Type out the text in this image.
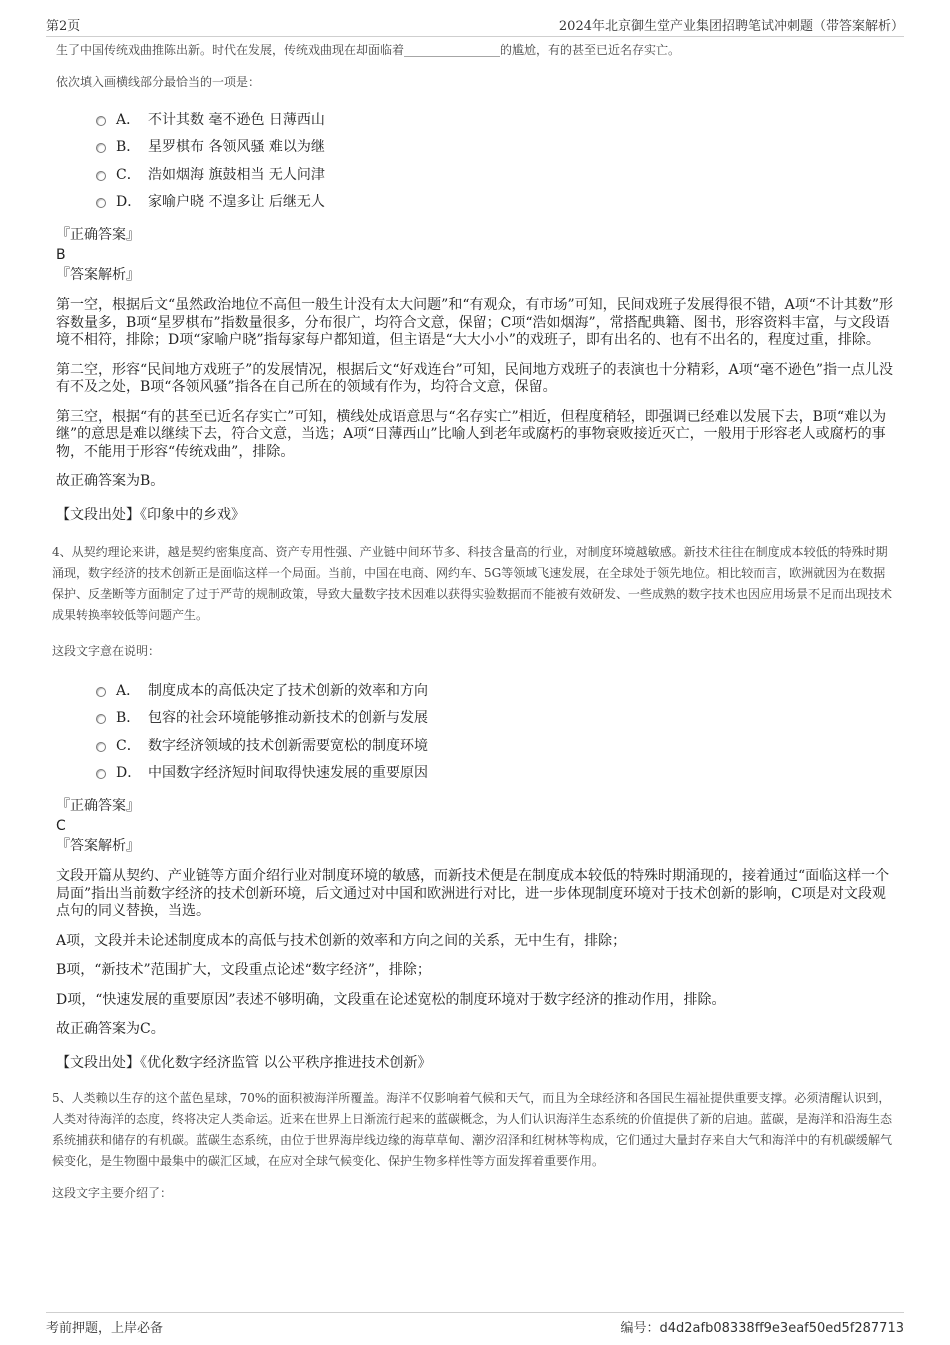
第2页	2024年北京御生堂产业集团招聘笔试冲刺题（带答案解析）

生了中国传统戏曲推陈出新。时代在发展，传统戏曲现在却面临着________________的尴尬，有的甚至已近名存实亡。

依次填入画横线部分最恰当的一项是：

A． 不计其数 毫不逊色 日薄西山
B． 星罗棋布 各领风骚 难以为继
C． 浩如烟海 旗鼓相当 无人问津
D． 家喻户晓 不遑多让 后继无人

『正确答案』

B

『答案解析』

第一空，根据后文“虽然政治地位不高但一般生计没有太大问题”和“有观众，有市场”可知，民间戏班子发展得很不错，A项“不计其数”形容数量多，B项“星罗棋布”指数量很多，分布很广，均符合文意，保留；C项“浩如烟海”，常搭配典籍、图书，形容资料丰富，与文段语境不相符，排除；D项“家喻户晓”指每家每户都知道，但主语是“大大小小”的戏班子，即有出名的、也有不出名的，程度过重，排除。

第二空，形容“民间地方戏班子”的发展情况，根据后文“好戏连台”可知，民间地方戏班子的表演也十分精彩，A项“毫不逊色”指一点儿没有不及之处，B项“各领风骚”指各在自己所在的领域有作为，均符合文意，保留。

第三空，根据“有的甚至已近名存实亡”可知，横线处成语意思与“名存实亡”相近，但程度稍轻，即强调已经难以发展下去，B项“难以为继”的意思是难以继续下去，符合文意，当选；A项“日薄西山”比喻人到老年或腐朽的事物衰败接近灭亡，一般用于形容老人或腐朽的事物，不能用于形容“传统戏曲”，排除。

故正确答案为B。

【文段出处】《印象中的乡戏》

4、从契约理论来讲，越是契约密集度高、资产专用性强、产业链中间环节多、科技含量高的行业，对制度环境越敏感。新技术往往在制度成本较低的特殊时期涌现，数字经济的技术创新正是面临这样一个局面。当前，中国在电商、网约车、5G等领域飞速发展，在全球处于领先地位。相比较而言，欧洲就因为在数据保护、反垄断等方面制定了过于严苛的规制政策，导致大量数字技术因难以获得实验数据而不能被有效研发、一些成熟的数字技术也因应用场景不足而出现技术成果转换率较低等问题产生。

这段文字意在说明：

A． 制度成本的高低决定了技术创新的效率和方向
B． 包容的社会环境能够推动新技术的创新与发展
C． 数字经济领域的技术创新需要宽松的制度环境
D． 中国数字经济短时间取得快速发展的重要原因

『正确答案』

C

『答案解析』

文段开篇从契约、产业链等方面介绍行业对制度环境的敏感，而新技术便是在制度成本较低的特殊时期涌现的，接着通过“面临这样一个局面”指出当前数字经济的技术创新环境，后文通过对中国和欧洲进行对比，进一步体现制度环境对于技术创新的影响，C项是对文段观点句的同义替换，当选。

A项，文段并未论述制度成本的高低与技术创新的效率和方向之间的关系，无中生有，排除；

B项，“新技术”范围扩大，文段重点论述“数字经济”，排除；

D项，“快速发展的重要原因”表述不够明确，文段重在论述宽松的制度环境对于数字经济的推动作用，排除。

故正确答案为C。

【文段出处】《优化数字经济监管 以公平秩序推进技术创新》

5、人类赖以生存的这个蓝色星球，70%的面积被海洋所覆盖。海洋不仅影响着气候和天气，而且为全球经济和各国民生福祉提供重要支撑。必须清醒认识到，人类对待海洋的态度，终将决定人类命运。近来在世界上日渐流行起来的蓝碳概念，为人们认识海洋生态系统的价值提供了新的启迪。蓝碳，是海洋和沿海生态系统捕获和储存的有机碳。蓝碳生态系统，由位于世界海岸线边缘的海草草甸、潮汐沼泽和红树林等构成，它们通过大量封存来自大气和海洋中的有机碳缓解气候变化，是生物圈中最集中的碳汇区域，在应对全球气候变化、保护生物多样性等方面发挥着重要作用。

这段文字主要介绍了：

考前押题，上岸必备	编号：d4d2afb08338ff9e3eaf50ed5f287713
